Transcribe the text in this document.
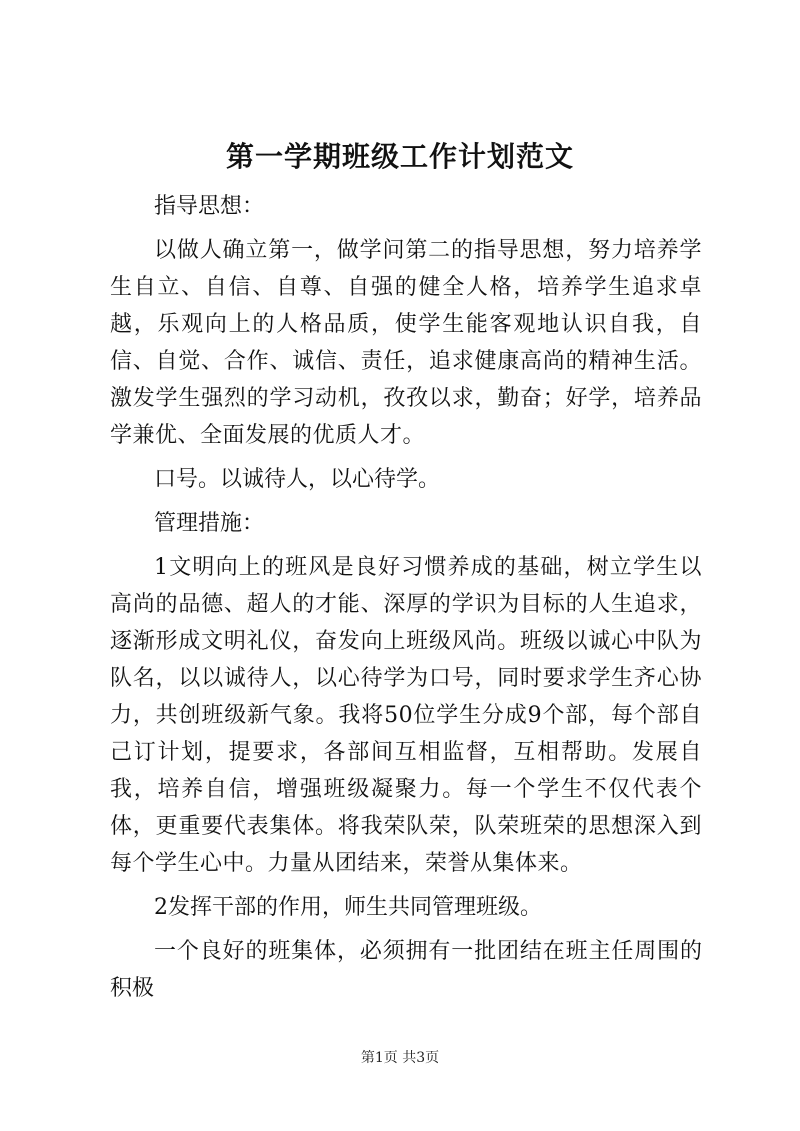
第一学期班级工作计划范文

指导思想：

以做人确立第一，做学问第二的指导思想，努力培养学生自立、自信、自尊、自强的健全人格，培养学生追求卓越，乐观向上的人格品质，使学生能客观地认识自我，自信、自觉、合作、诚信、责任，追求健康高尚的精神生活。激发学生强烈的学习动机，孜孜以求，勤奋；好学，培养品学兼优、全面发展的优质人才。

口号。以诚待人，以心待学。

管理措施：

1文明向上的班风是良好习惯养成的基础，树立学生以高尚的品德、超人的才能、深厚的学识为目标的人生追求，逐渐形成文明礼仪，奋发向上班级风尚。班级以诚心中队为队名，以以诚待人，以心待学为口号，同时要求学生齐心协力，共创班级新气象。我将50位学生分成9个部，每个部自己订计划，提要求，各部间互相监督，互相帮助。发展自我，培养自信，增强班级凝聚力。每一个学生不仅代表个体，更重要代表集体。将我荣队荣，队荣班荣的思想深入到每个学生心中。力量从团结来，荣誉从集体来。

2发挥干部的作用，师生共同管理班级。

一个良好的班集体，必须拥有一批团结在班主任周围的积极

第1页 共3页
